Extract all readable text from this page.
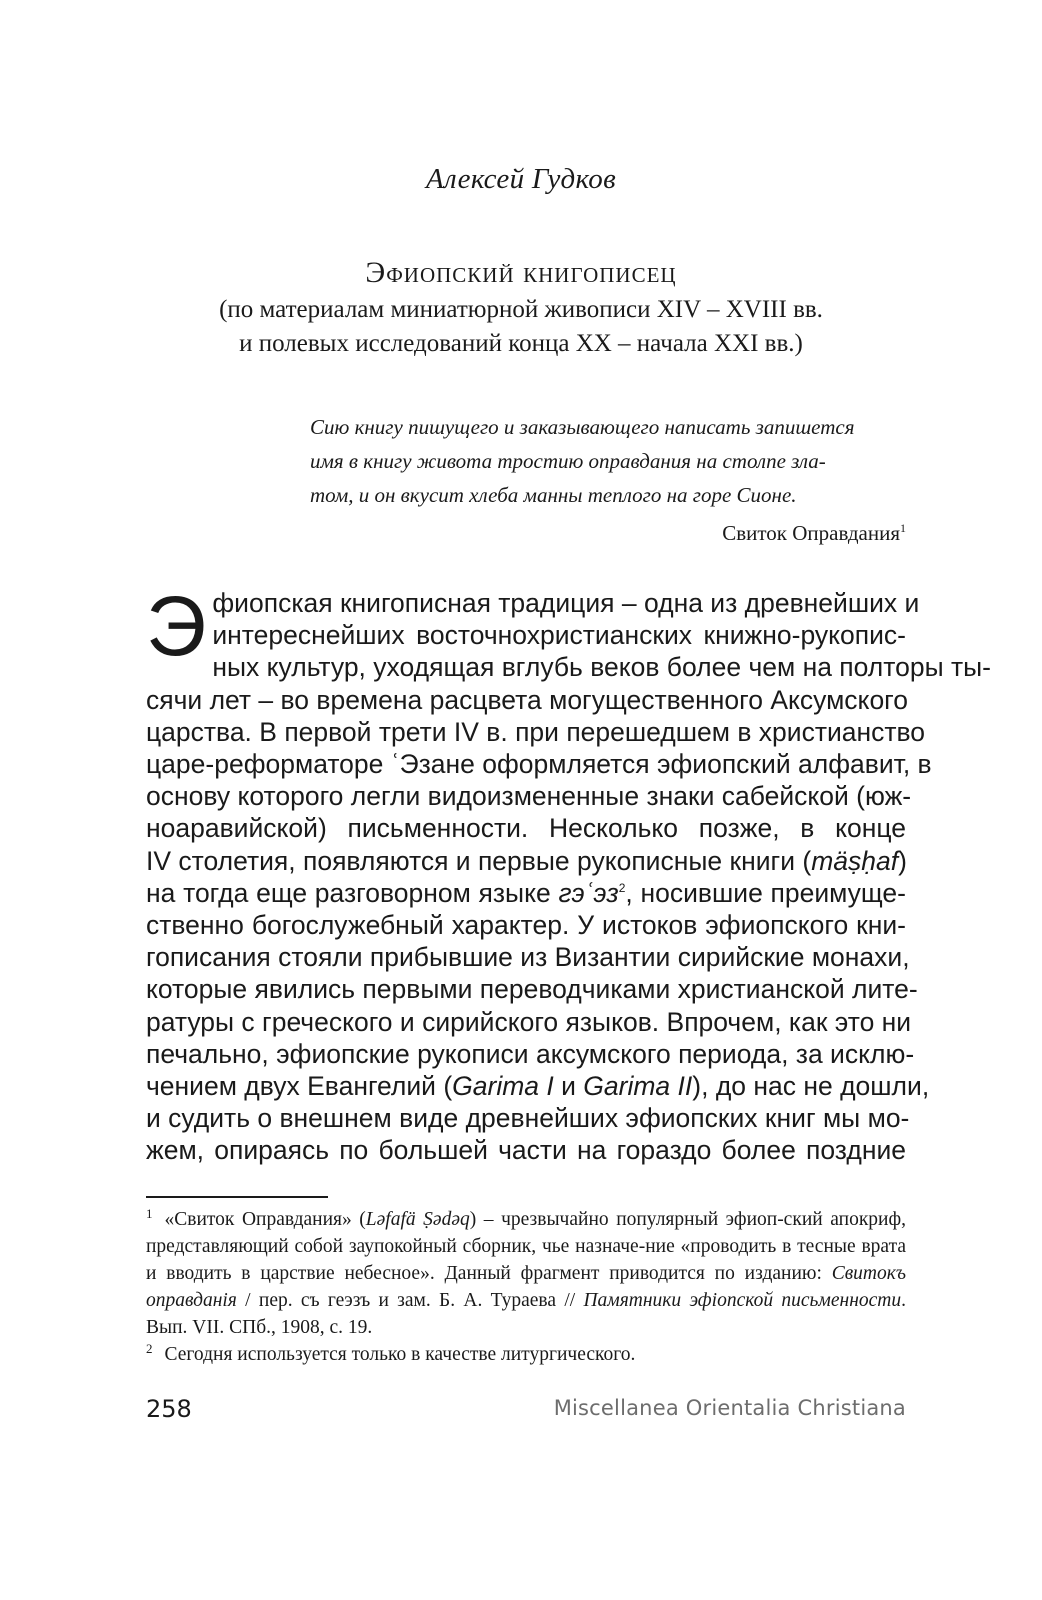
Алексей Гудков
Эфиопский книгописец
(по материалам миниатюрной живописи XIV – XVIII вв.
и полевых исследований конца XX – начала XXI вв.)

Сию книгу пишущего и заказывающего написать запишется

имя в книгу живота тростию оправдания на столпе зла-

том, и он вкусит хлеба манны теплого на горе Сионе.

Свиток Оправдания$^1$
Э фиопская книгописная традиция – одна из древнейших и
интереснейших восточнохристианских книжно-рукопис-
ных культур, уходящая вглубь веков более чем на полторы ты-
сячи лет – во времена расцвета могущественного Аксумского
царства. В первой трети IV в. при перешедшем в христианство
царе-реформаторе ʿЭзане оформляется эфиопский алфавит, в
основу которого легли видоизмененные знаки сабейской (юж-
ноаравийской) письменности. Несколько позже, в конце
IV столетия, появляются и первые рукописные книги (mäṣḥaf)
на тогда еще разговорном языке гэʿэз$^2$, носившие преимуще-
ственно богослужебный характер. У истоков эфиопского кни-
гописания стояли прибывшие из Византии сирийские монахи,
которые явились первыми переводчиками христианской лите-
ратуры с греческого и сирийского языков. Впрочем, как это ни
печально, эфиопские рукописи аксумского периода, за исклю-
чением двух Евангелий (Garima I и Garima II), до нас не дошли,
и судить о внешнем виде древнейших эфиопских книг мы мо-
жем, опираясь по большей части на гораздо более поздние

$^1$ «Свиток Оправдания» (Ləfafä Ṣədəq) – чрезвычайно популярный эфиоп-ский апокриф, представляющий собой заупокойный сборник, чье назначе-ние «проводить в тесные врата и вводить в царствие небесное». Данный фрагмент приводится по изданию: Свитокъ оправданія / пер. съ геэзъ и зам. Б. А. Тураева // Памятники эфiопской письменности. Вып. VII. СПб., 1908, с. 19.

$^2$ Сегодня используется только в качестве литургического.

258	Miscellanea Orientalia Christiana
